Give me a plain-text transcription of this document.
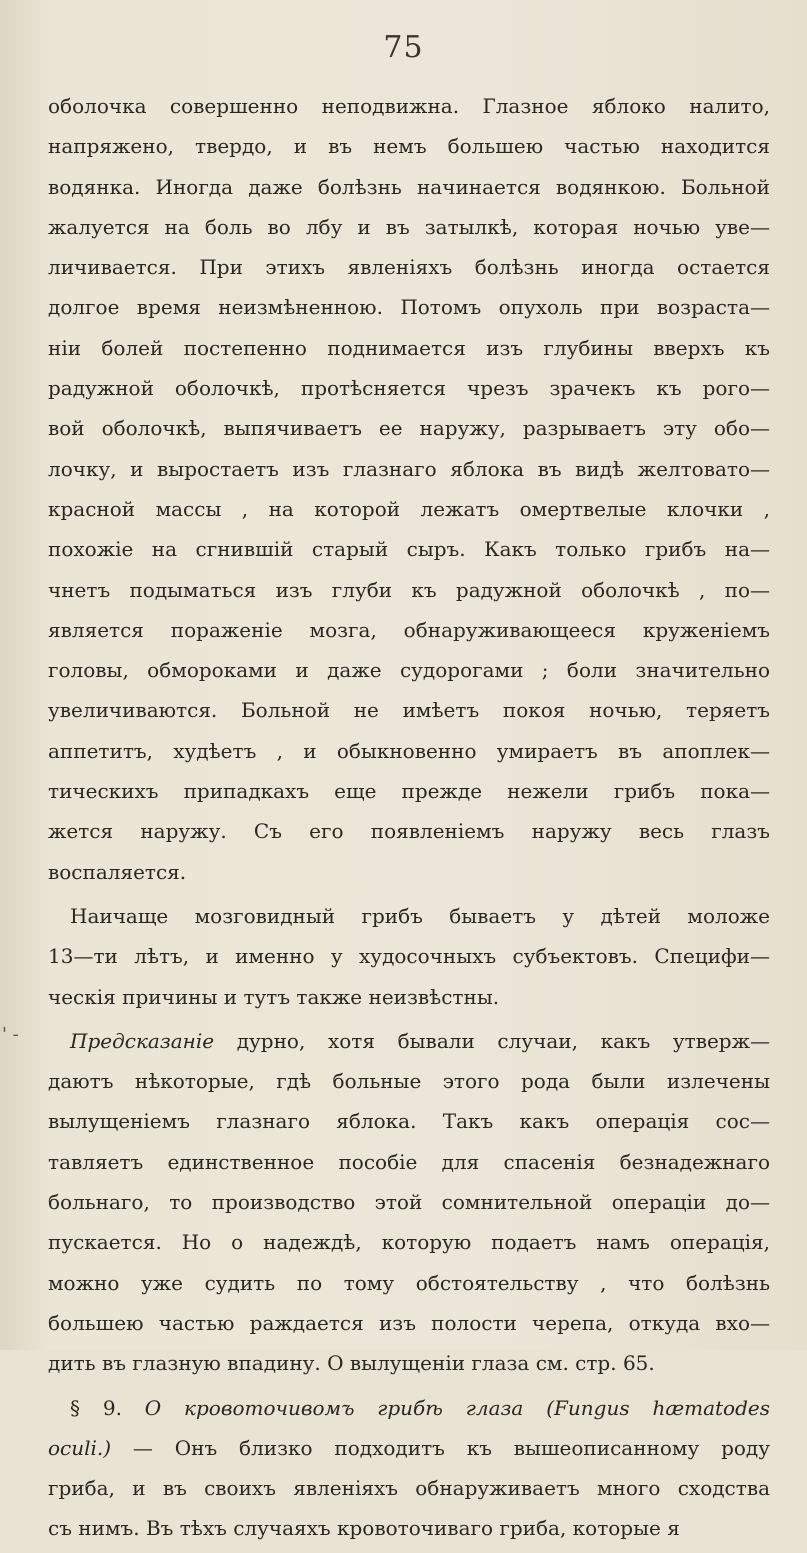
75
' -
оболочка совершенно неподвижна. Глазное яблоко налито,
напряжено, твердо, и въ немъ большею частью находится
водянка. Иногда даже болѣзнь начинается водянкою. Больной
жалуется на боль во лбу и въ затылкѣ, которая ночью уве—
личивается. При этихъ явленіяхъ болѣзнь иногда остается
долгое время неизмѣненною. Потомъ опухоль при возраста—
ніи болей постепенно поднимается изъ глубины вверхъ къ
радужной оболочкѣ, протѣсняется чрезъ зрачекъ къ рого—
вой оболочкѣ, выпячиваетъ ее наружу, разрываетъ эту обо—
лочку, и выростаетъ изъ глазнаго яблока въ видѣ желтовато—
красной массы , на которой лежатъ омертвелые клочки ,
похожіе на сгнившій старый сыръ. Какъ только грибъ на—
чнетъ подыматься изъ глуби къ радужной оболочкѣ , по—
является пораженіе мозга, обнаруживающееся круженіемъ
головы, обмороками и даже судорогами ; боли значительно
увеличиваются. Больной не имѣетъ покоя ночью, теряетъ
аппетитъ, худѣетъ , и обыкновенно умираетъ въ апоплек—
тическихъ припадкахъ еще прежде нежели грибъ пока—
жется наружу. Съ его появленіемъ наружу весь глазъ
воспаляется.
Наичаще мозговидный грибъ бываетъ у дѣтей моложе
13—ти лѣтъ, и именно у худосочныхъ субъектовъ. Специфи—
ческія причины и тутъ также неизвѣстны.
Предсказаніе дурно, хотя бывали случаи, какъ утверж—
даютъ нѣкоторые, гдѣ больные этого рода были излечены
вылущеніемъ глазнаго яблока. Такъ какъ операція сос—
тавляетъ единственное пособіе для спасенія безнадежнаго
больнаго, то производство этой сомнительной операціи до—
пускается. Но о надеждѣ, которую подаетъ намъ операція,
можно уже судить по тому обстоятельству , что болѣзнь
большею частью раждается изъ полости черепа, откуда вхо—
дить въ глазную впадину. О вылущеніи глаза см. стр. 65.
§ 9. О кровоточивомъ грибѣ глаза (Fungus hæmatodes
oculi.) — Онъ близко подходитъ къ вышеописанному роду
гриба, и въ своихъ явленіяхъ обнаруживаетъ много сходства
съ нимъ. Въ тѣхъ случаяхъ кровоточиваго гриба, которые я
